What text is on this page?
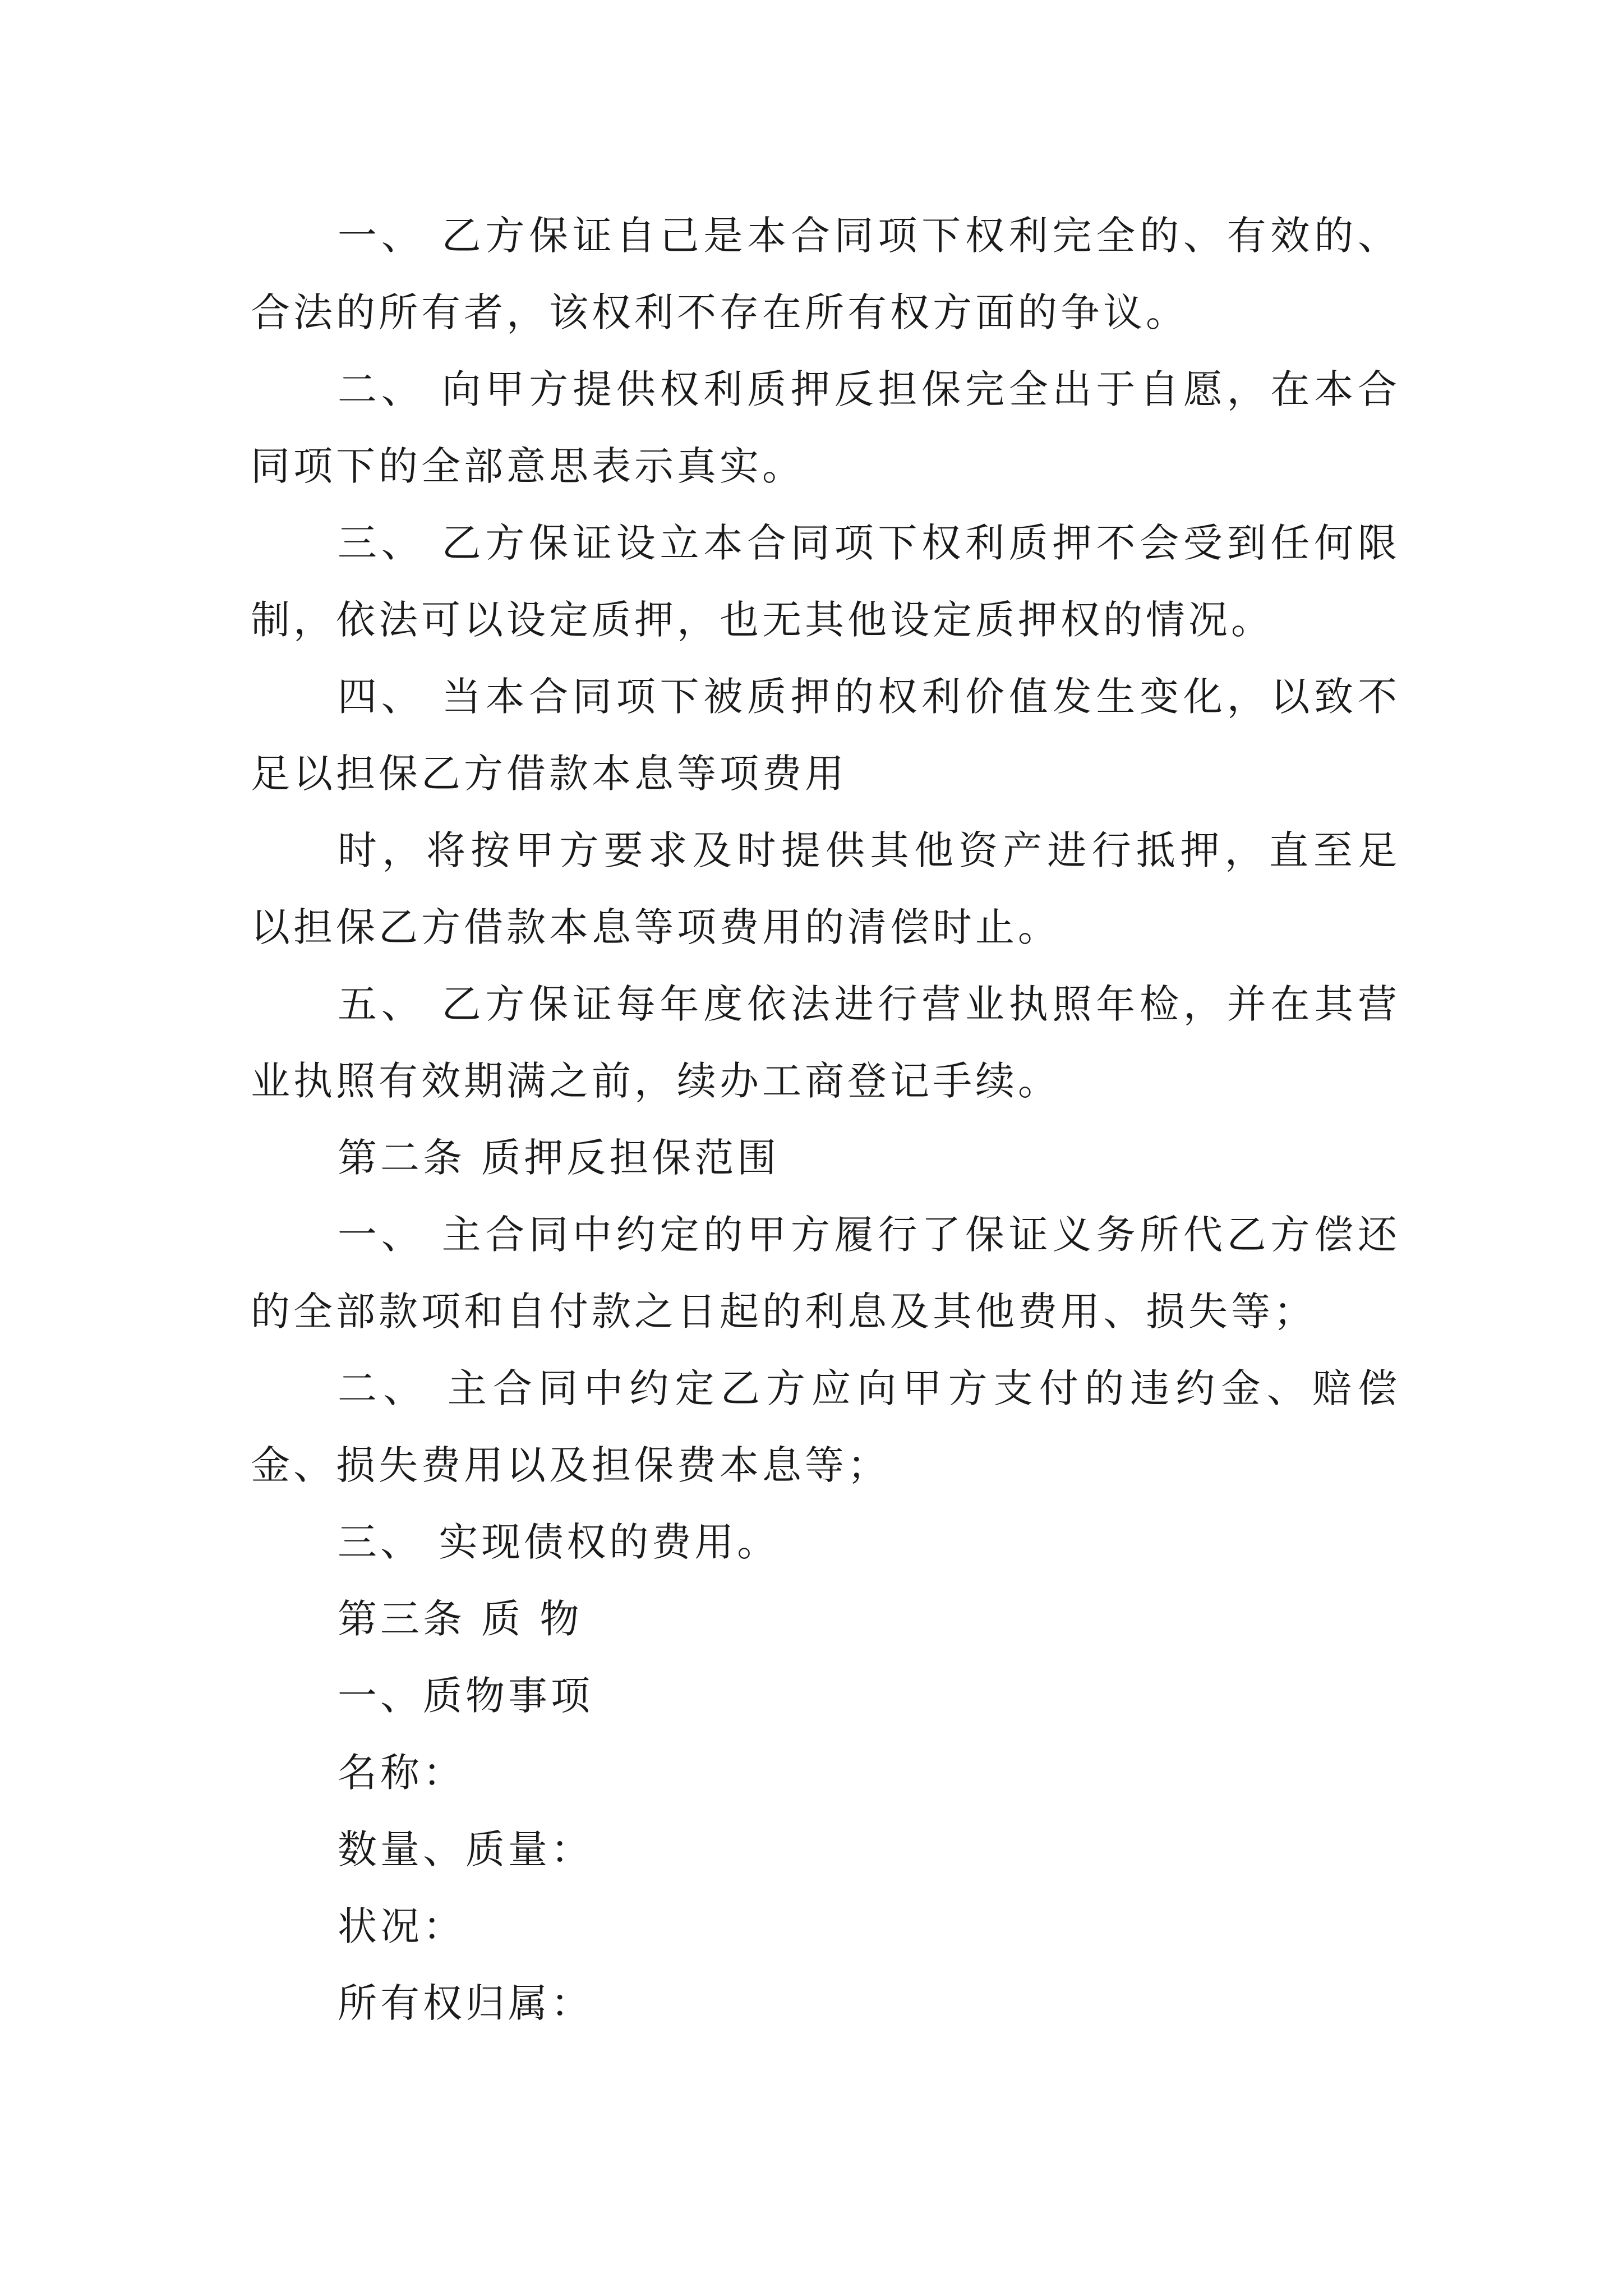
一、 乙方保证自己是本合同项下权利完全的、有效的、合法的所有者，该权利不存在所有权方面的争议。

二、 向甲方提供权利质押反担保完全出于自愿，在本合同项下的全部意思表示真实。

三、 乙方保证设立本合同项下权利质押不会受到任何限制，依法可以设定质押，也无其他设定质押权的情况。

四、 当本合同项下被质押的权利价值发生变化，以致不足以担保乙方借款本息等项费用

时，将按甲方要求及时提供其他资产进行抵押，直至足以担保乙方借款本息等项费用的清偿时止。

五、 乙方保证每年度依法进行营业执照年检，并在其营业执照有效期满之前，续办工商登记手续。

第二条 质押反担保范围

一、 主合同中约定的甲方履行了保证义务所代乙方偿还的全部款项和自付款之日起的利息及其他费用、损失等；

二、 主合同中约定乙方应向甲方支付的违约金、赔偿金、损失费用以及担保费本息等；

三、 实现债权的费用。

第三条 质 物

一、质物事项

名称：

数量、质量：

状况：

所有权归属：
